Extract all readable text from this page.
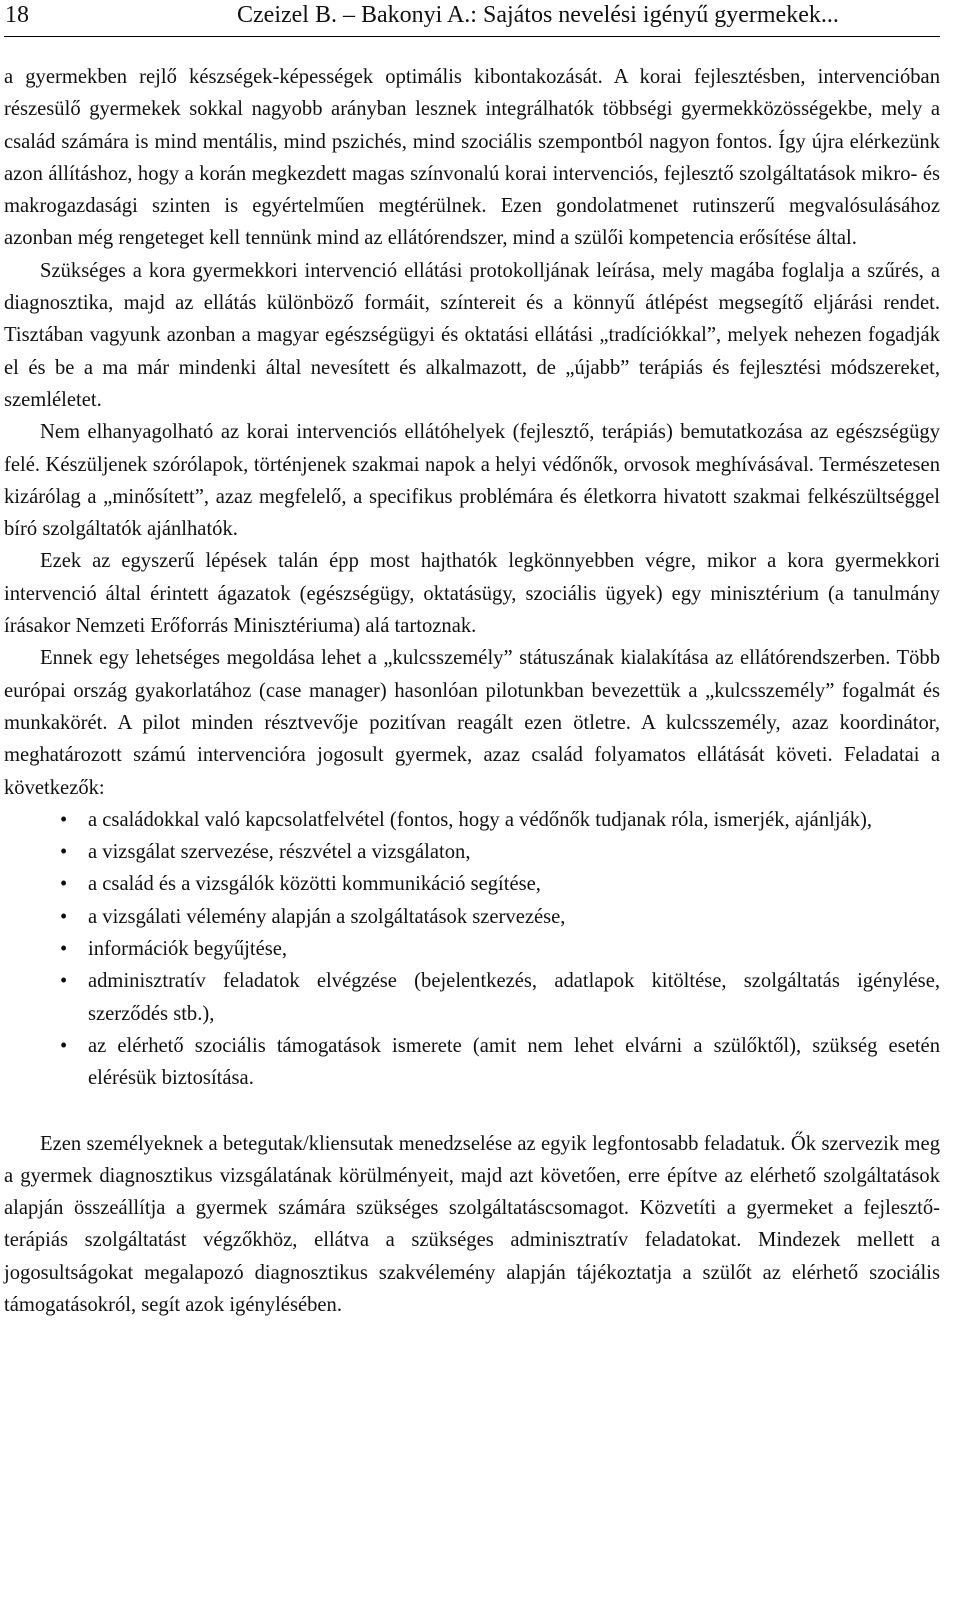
18	Czeizel B. – Bakonyi A.: Sajátos nevelési igényű gyermekek...

a gyermekben rejlő készségek-képességek optimális kibontakozását. A korai fejlesztésben, intervencióban részesülő gyermekek sokkal nagyobb arányban lesznek integrálhatók többségi gyermekközösségekbe, mely a család számára is mind mentális, mind pszichés, mind szociális szempontból nagyon fontos. Így újra elérkezünk azon állításhoz, hogy a korán megkezdett magas színvonalú korai intervenciós, fejlesztő szolgáltatások mikro- és makrogazdasági szinten is egyértelműen megtérülnek. Ezen gondolatmenet rutinszerű megvalósulásához azonban még rengeteget kell tennünk mind az ellátórendszer, mind a szülői kompetencia erősítése által.

Szükséges a kora gyermekkori intervenció ellátási protokolljának leírása, mely magába foglalja a szűrés, a diagnosztika, majd az ellátás különböző formáit, színtereit és a könnyű átlépést megsegítő eljárási rendet. Tisztában vagyunk azonban a magyar egészségügyi és oktatási ellátási „tradíciókkal”, melyek nehezen fogadják el és be a ma már mindenki által nevesített és alkalmazott, de „újabb” terápiás és fejlesztési módszereket, szemléletet.

Nem elhanyagolható az korai intervenciós ellátóhelyek (fejlesztő, terápiás) bemutatkozása az egészségügy felé. Készüljenek szórólapok, történjenek szakmai napok a helyi védőnők, orvosok meghívásával. Természetesen kizárólag a „minősített”, azaz megfelelő, a specifikus problémára és életkorra hivatott szakmai felkészültséggel bíró szolgáltatók ajánlhatók.

Ezek az egyszerű lépések talán épp most hajthatók legkönnyebben végre, mikor a kora gyermekkori intervenció által érintett ágazatok (egészségügy, oktatásügy, szociális ügyek) egy minisztérium (a tanulmány írásakor Nemzeti Erőforrás Minisztériuma) alá tartoznak.

Ennek egy lehetséges megoldása lehet a „kulcsszemély” státuszának kialakítása az ellátórendszerben. Több európai ország gyakorlatához (case manager) hasonlóan pilotunkban bevezettük a „kulcsszemély” fogalmát és munkakörét. A pilot minden résztvevője pozitívan reagált ezen ötletre. A kulcsszemély, azaz koordinátor, meghatározott számú intervencióra jogosult gyermek, azaz család folyamatos ellátását követi. Feladatai a következők:

• a családokkal való kapcsolatfelvétel (fontos, hogy a védőnők tudjanak róla, ismerjék, ajánlják),
• a vizsgálat szervezése, részvétel a vizsgálaton,
• a család és a vizsgálók közötti kommunikáció segítése,
• a vizsgálati vélemény alapján a szolgáltatások szervezése,
• információk begyűjtése,
• adminisztratív feladatok elvégzése (bejelentkezés, adatlapok kitöltése, szolgáltatás igénylése, szerződés stb.),
• az elérhető szociális támogatások ismerete (amit nem lehet elvárni a szülőktől), szükség esetén elérésük biztosítása.

Ezen személyeknek a betegutak/kliensutak menedzselése az egyik legfontosabb feladatuk. Ők szervezik meg a gyermek diagnosztikus vizsgálatának körülményeit, majd azt követően, erre építve az elérhető szolgáltatások alapján összeállítja a gyermek számára szükséges szolgáltatáscsomagot. Közvetíti a gyermeket a fejlesztő-terápiás szolgáltatást végzőkhöz, ellátva a szükséges adminisztratív feladatokat. Mindezek mellett a jogosultságokat megalapozó diagnosztikus szakvélemény alapján tájékoztatja a szülőt az elérhető szociális támogatásokról, segít azok igénylésében.
